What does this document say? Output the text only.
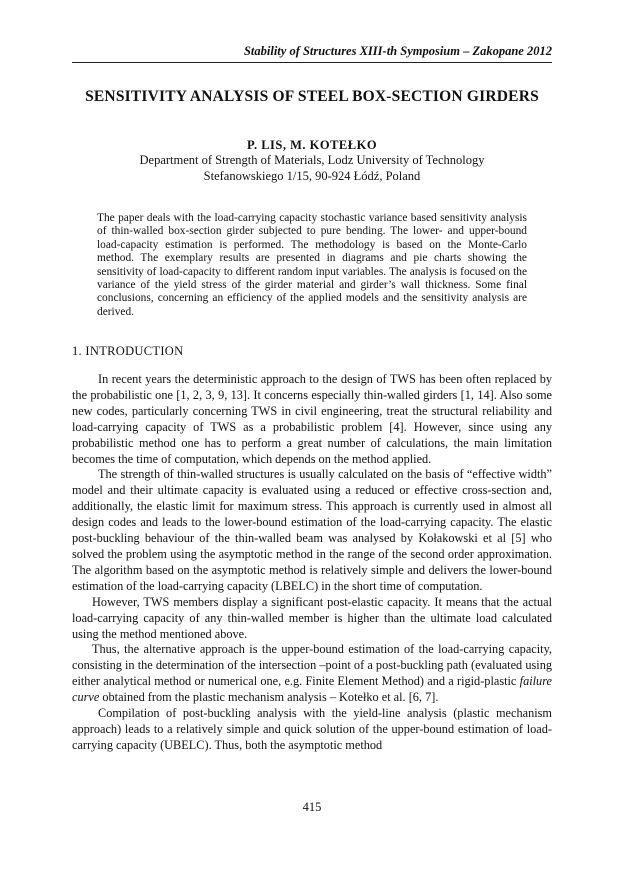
Stability of Structures XIII-th Symposium – Zakopane 2012
SENSITIVITY ANALYSIS OF STEEL BOX-SECTION GIRDERS
P. LIS, M. KOTEŁKO
Department of Strength of Materials, Lodz University of Technology
Stefanowskiego 1/15, 90-924 Łódź, Poland
The paper deals with the load-carrying capacity stochastic variance based sensitivity analysis of thin-walled box-section girder subjected to pure bending. The lower- and upper-bound load-capacity estimation is performed. The methodology is based on the Monte-Carlo method. The exemplary results are presented in diagrams and pie charts showing the sensitivity of load-capacity to different random input variables. The analysis is focused on the variance of the yield stress of the girder material and girder’s wall thickness. Some final conclusions, concerning an efficiency of the applied models and the sensitivity analysis are derived.
1. INTRODUCTION

In recent years the deterministic approach to the design of TWS has been often replaced by the probabilistic one [1, 2, 3, 9, 13]. It concerns especially thin-walled girders [1, 14]. Also some new codes, particularly concerning TWS in civil engineering, treat the structural reliability and load-carrying capacity of TWS as a probabilistic problem [4]. However, since using any probabilistic method one has to perform a great number of calculations, the main limitation becomes the time of computation, which depends on the method applied.

The strength of thin-walled structures is usually calculated on the basis of “effective width” model and their ultimate capacity is evaluated using a reduced or effective cross-section and, additionally, the elastic limit for maximum stress. This approach is currently used in almost all design codes and leads to the lower-bound estimation of the load-carrying capacity. The elastic post-buckling behaviour of the thin-walled beam was analysed by Kołakowski et al [5] who solved the problem using the asymptotic method in the range of the second order approximation. The algorithm based on the asymptotic method is relatively simple and delivers the lower-bound estimation of the load-carrying capacity (LBELC) in the short time of computation.

However, TWS members display a significant post-elastic capacity. It means that the actual load-carrying capacity of any thin-walled member is higher than the ultimate load calculated using the method mentioned above.

Thus, the alternative approach is the upper-bound estimation of the load-carrying capacity, consisting in the determination of the intersection –point of a post-buckling path (evaluated using either analytical method or numerical one, e.g. Finite Element Method) and a rigid-plastic failure curve obtained from the plastic mechanism analysis – Kotełko et al. [6, 7].

Compilation of post-buckling analysis with the yield-line analysis (plastic mechanism approach) leads to a relatively simple and quick solution of the upper-bound estimation of load-carrying capacity (UBELC). Thus, both the asymptotic method

415
